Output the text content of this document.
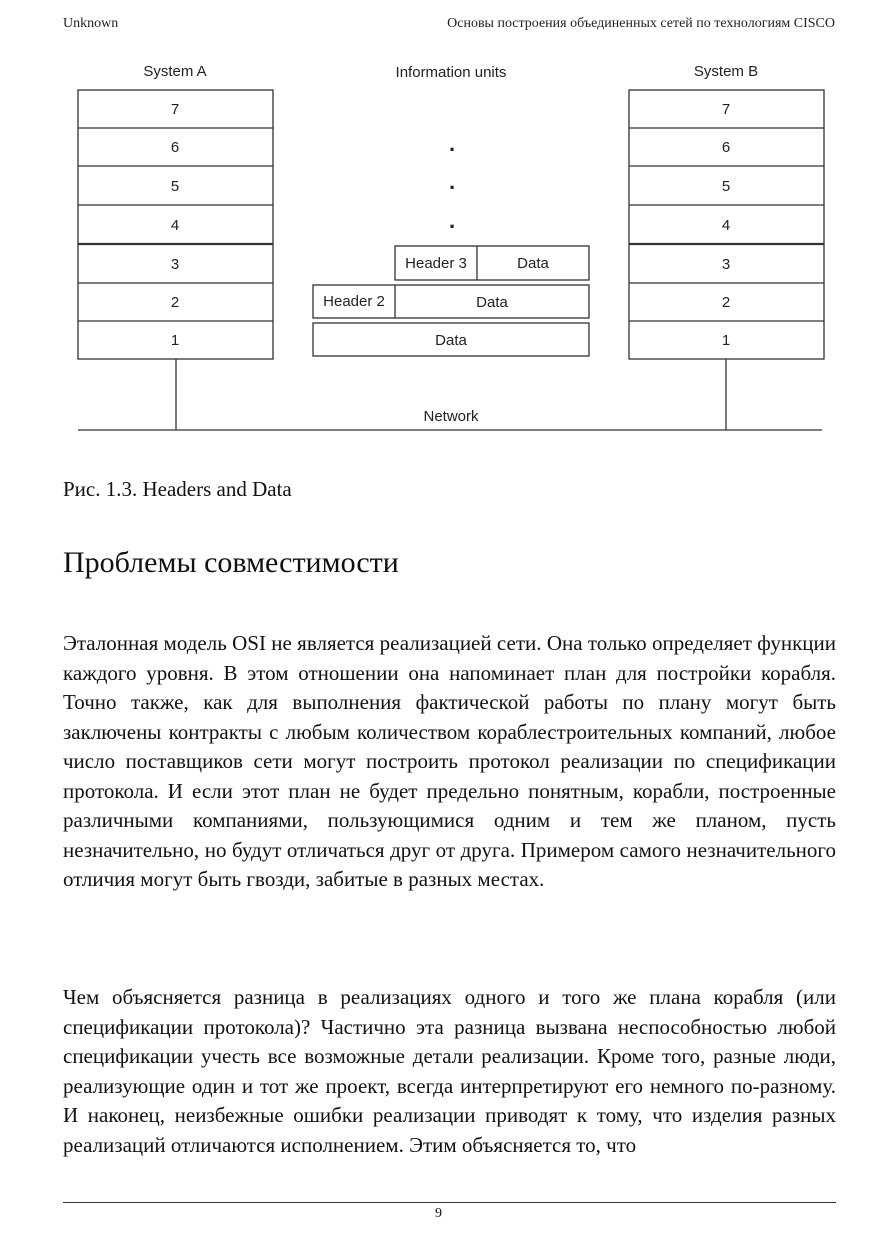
Unknown	Основы построения объединенных сетей по технологиям CISCO
System A	Information units	System B
7
6
5
4
3
2
1
7
6
5
4
3
2
1
.
.
.
Header 3	Data
Header 2	Data
Data
Network
Рис. 1.3. Headers and Data
Проблемы совместимости

Эталонная модель OSI не является реализацией сети. Она только определяет функции каждого уровня. В этом отношении она напоминает план для постройки корабля. Точно также, как для выполнения фактической работы по плану могут быть заключены контракты с любым количеством кораблестроительных компаний, любое число поставщиков сети могут построить протокол реализации по спецификации протокола. И если этот план не будет предельно понятным, корабли, построенные различными компаниями, пользующимися одним и тем же планом, пусть незначительно, но будут отличаться друг от друга. Примером самого незначительного отличия могут быть гвозди, забитые в разных местах.

Чем объясняется разница в реализациях одного и того же плана корабля (или спецификации протокола)? Частично эта разница вызвана неспособностью любой спецификации учесть все возможные детали реализации. Кроме того, разные люди, реализующие один и тот же проект, всегда интерпретируют его немного по-разному. И наконец, неизбежные ошибки реализации приводят к тому, что изделия разных реализаций отличаются исполнением. Этим объясняется то, что

9
